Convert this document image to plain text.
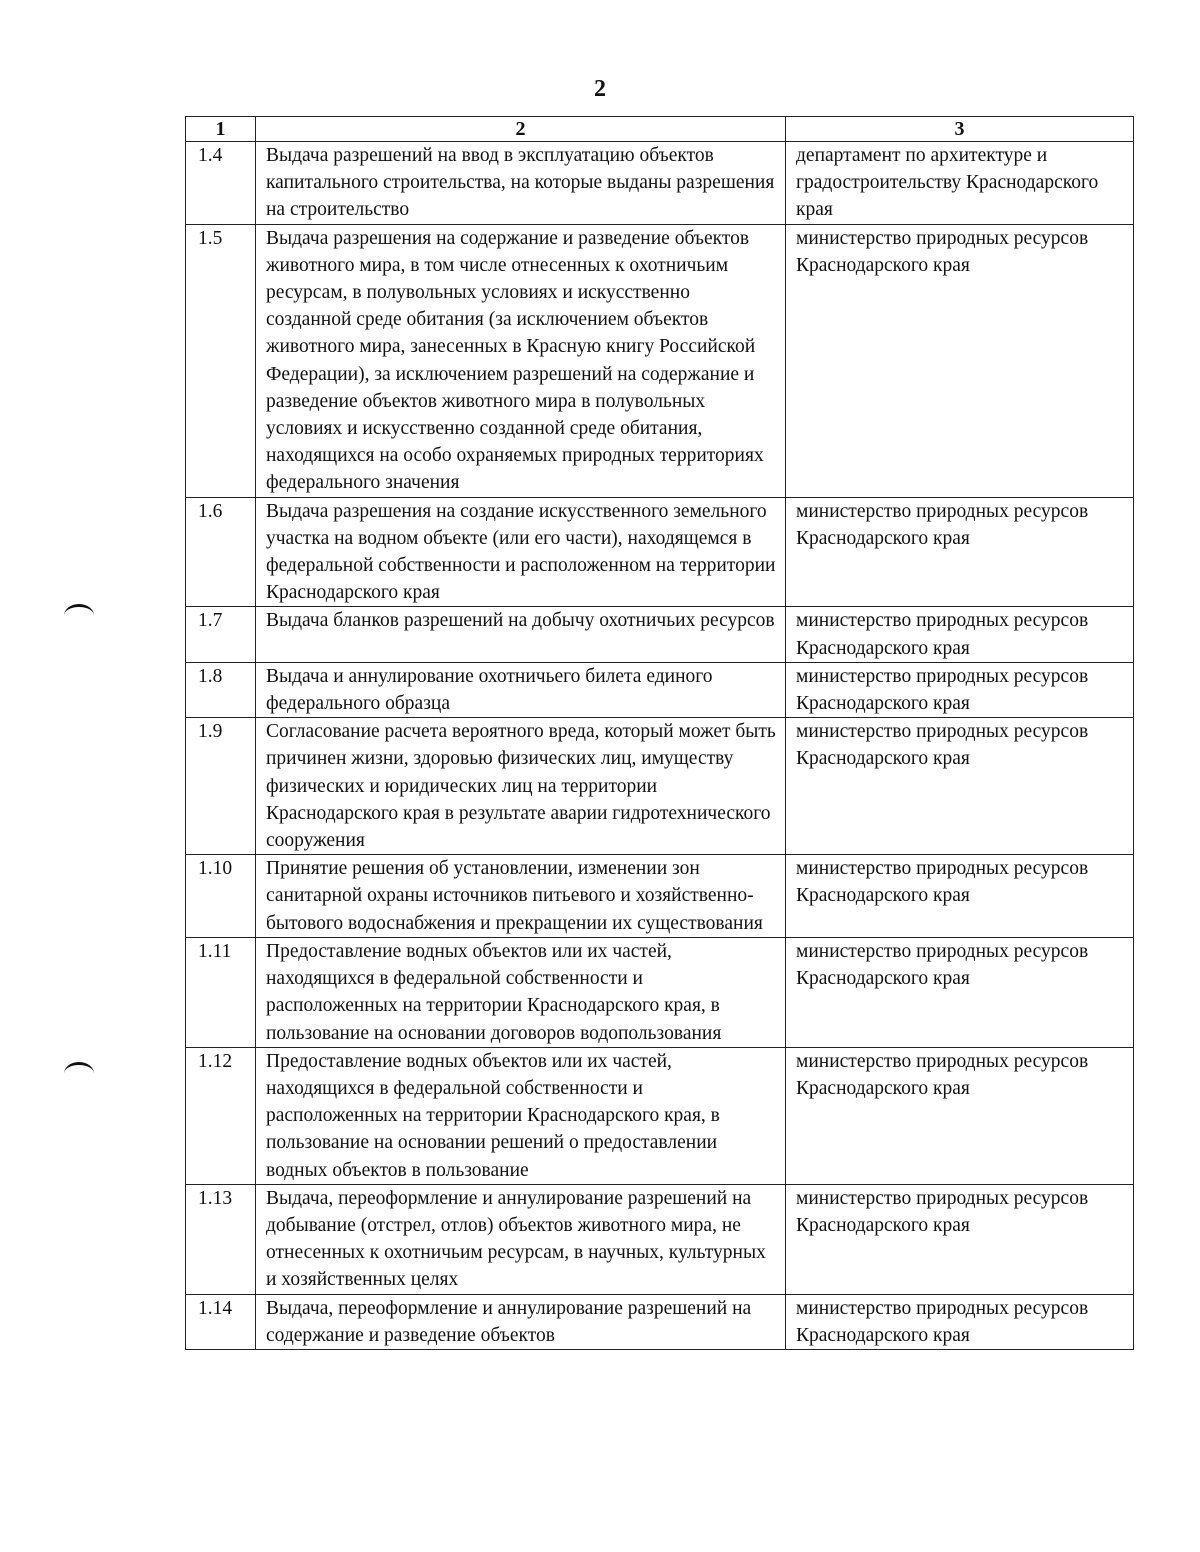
2
1	2	3
1.4	Выдача разрешений на ввод в эксплуатацию объектов капитального строительства, на которые выданы разрешения на строительство	департамент по архитектуре и градостроительству Краснодарского края
1.5	Выдача разрешения на содержание и разведение объектов животного мира, в том числе отнесенных к охотничьим ресурсам, в полувольных условиях и искусственно созданной среде обитания (за исключением объектов животного мира, занесенных в Красную книгу Российской Федерации), за исключением разрешений на содержание и разведение объектов животного мира в полувольных условиях и искусственно созданной среде обитания, находящихся на особо охраняемых природных территориях федерального значения	министерство природных ресурсов Краснодарского края
1.6	Выдача разрешения на создание искусственного земельного участка на водном объекте (или его части), находящемся в федеральной собственности и расположенном на территории Краснодарского края	министерство природных ресурсов Краснодарского края
1.7	Выдача бланков разрешений на добычу охотничьих ресурсов	министерство природных ресурсов Краснодарского края
1.8	Выдача и аннулирование охотничьего билета единого федерального образца	министерство природных ресурсов Краснодарского края
1.9	Согласование расчета вероятного вреда, который может быть причинен жизни, здоровью физических лиц, имуществу физических и юридических лиц на территории Краснодарского края в результате аварии гидротехнического сооружения	министерство природных ресурсов Краснодарского края
1.10	Принятие решения об установлении, изменении зон санитарной охраны источников питьевого и хозяйственно-бытового водоснабжения и прекращении их существования	министерство природных ресурсов Краснодарского края
1.11	Предоставление водных объектов или их частей, находящихся в федеральной собственности и расположенных на территории Краснодарского края, в пользование на основании договоров водопользования	министерство природных ресурсов Краснодарского края
1.12	Предоставление водных объектов или их частей, находящихся в федеральной собственности и расположенных на территории Краснодарского края, в пользование на основании решений о предоставлении водных объектов в пользование	министерство природных ресурсов Краснодарского края
1.13	Выдача, переоформление и аннулирование разрешений на добывание (отстрел, отлов) объектов животного мира, не отнесенных к охотничьим ресурсам, в научных, культурных и хозяйственных целях	министерство природных ресурсов Краснодарского края
1.14	Выдача, переоформление и аннулирование разрешений на содержание и разведение объектов	министерство природных ресурсов Краснодарского края
